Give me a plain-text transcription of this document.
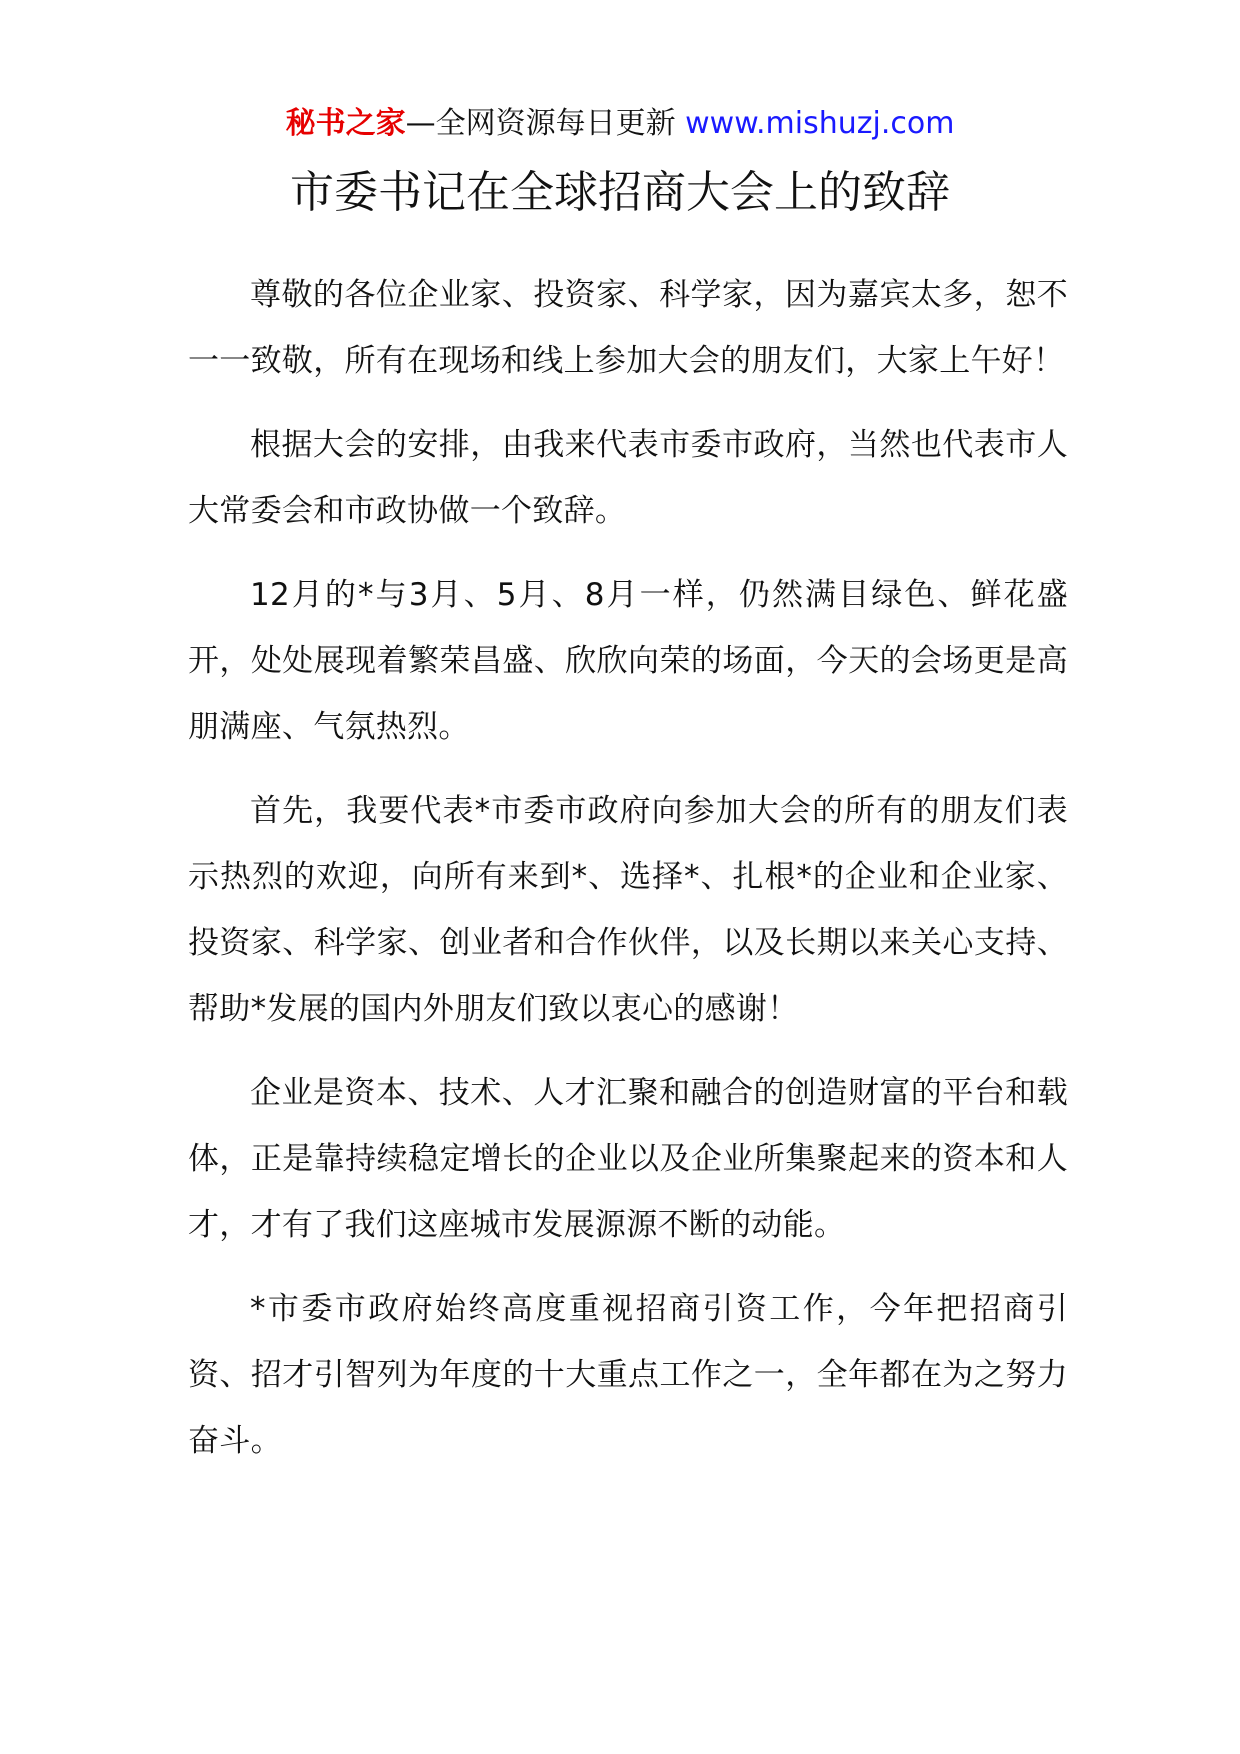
秘书之家—全网资源每日更新 www.mishuzj.com
市委书记在全球招商大会上的致辞

尊敬的各位企业家、投资家、科学家，因为嘉宾太多，恕不一一致敬，所有在现场和线上参加大会的朋友们，大家上午好！

根据大会的安排，由我来代表市委市政府，当然也代表市人大常委会和市政协做一个致辞。

12月的*与3月、5月、8月一样，仍然满目绿色、鲜花盛开，处处展现着繁荣昌盛、欣欣向荣的场面，今天的会场更是高朋满座、气氛热烈。

首先，我要代表*市委市政府向参加大会的所有的朋友们表示热烈的欢迎，向所有来到*、选择*、扎根*的企业和企业家、投资家、科学家、创业者和合作伙伴，以及长期以来关心支持、帮助*发展的国内外朋友们致以衷心的感谢！

企业是资本、技术、人才汇聚和融合的创造财富的平台和载体，正是靠持续稳定增长的企业以及企业所集聚起来的资本和人才，才有了我们这座城市发展源源不断的动能。

*市委市政府始终高度重视招商引资工作，今年把招商引资、招才引智列为年度的十大重点工作之一，全年都在为之努力奋斗。
